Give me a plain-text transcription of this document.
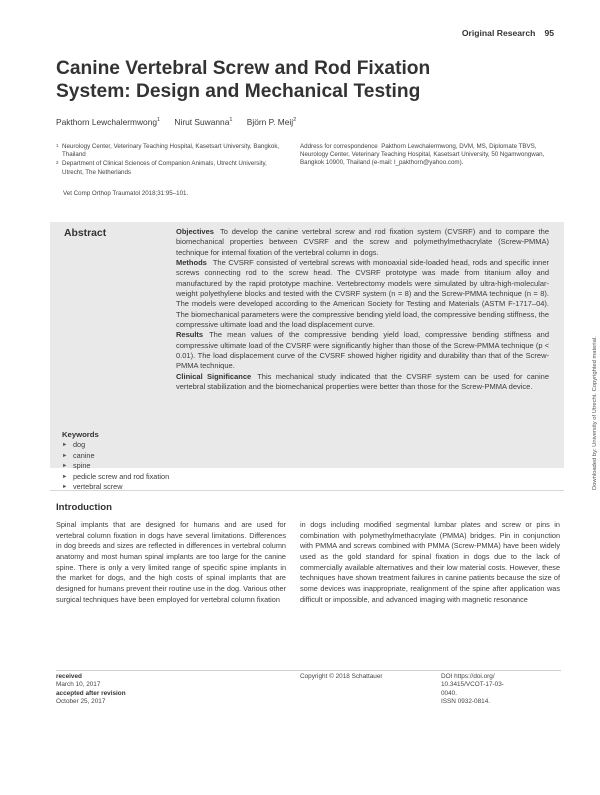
Original Research 95
Canine Vertebral Screw and Rod Fixation System: Design and Mechanical Testing
Pakthorn Lewchalermwong$^1$ Nirut Suwanna$^1$ Björn P. Meij$^2$
1 Neurology Center, Veterinary Teaching Hospital, Kasetsart University, Bangkok, Thailand
2 Department of Clinical Sciences of Companion Animals, Utrecht University, Utrecht, The Netherlands
Vet Comp Orthop Traumatol 2018;31:95–101.
Address for correspondence Pakthorn Lewchalermwong, DVM, MS, Diplomate TBVS, Neurology Center, Veterinary Teaching Hospital, Kasetsart University, 50 Ngamwongwan, Bangkok 10900, Thailand (e-mail: l_pakthorn@yahoo.com).
Abstract	Objectives To develop the canine vertebral screw and rod fixation system (CVSRF) and to compare the biomechanical properties between CVSRF and the screw and polymethylmethacrylate (Screw-PMMA) technique for internal fixation of the vertebral column in dogs.

Methods The CVSRF consisted of vertebral screws with monoaxial side-loaded head, rods and specific inner screws connecting rod to the screw head. The CVSRF prototype was made from titanium alloy and manufactured by the rapid prototype machine. Vertebrectomy models were simulated by ultra-high-molecular-weight polyethylene blocks and tested with the CVSRF system (n = 8) and the Screw-PMMA technique (n = 8). The models were developed according to the American Society for Testing and Materials (ASTM F-1717–04). The biomechanical parameters were the compressive bending yield load, the compressive bending stiffness, the compressive ultimate load and the load displacement curve.

Results The mean values of the compressive bending yield load, compressive bending stiffness and compressive ultimate load of the CVSRF were significantly higher than those of the Screw-PMMA technique (p < 0.01). The load displacement curve of the CVSRF showed higher rigidity and durability than that of the Screw-PMMA technique.

Clinical Significance This mechanical study indicated that the CVSRF system can be used for canine vertebral stabilization and the biomechanical properties were better than those for the Screw-PMMA device.

Keywords
► dog
► canine
► spine
► pedicle screw and rod fixation
► vertebral screw	Downloaded by: University of Utrecht. Copyrighted material.
Introduction
Spinal implants that are designed for humans and are used for vertebral column fixation in dogs have several limitations. Differences in dog breeds and sizes are reflected in differences in vertebral column anatomy and most human spinal implants are too large for the canine spine. There is only a very limited range of specific spine implants in the market for dogs, and the high costs of spinal implants that are designed for humans prevent their routine use in the dog. Various other surgical techniques have been employed for vertebral column fixation
in dogs including modified segmental lumbar plates and screw or pins in combination with polymethylmethacrylate (PMMA) bridges. Pin in conjunction with PMMA and screws combined with PMMA (Screw-PMMA) have been widely used as the gold standard for spinal fixation in dogs due to the lack of commercially available alternatives and their low material costs. However, these techniques have shown treatment failures in canine patients because the size of some devices was inappropriate, realignment of the spine after application was difficult or impossible, and advanced imaging with magnetic resonance
received
March 10, 2017
accepted after revision
October 25, 2017
Copyright © 2018 Schattauer	DOI https://doi.org/
10.3415/VCOT-17-03-
0040.
ISSN 0932-0814.
